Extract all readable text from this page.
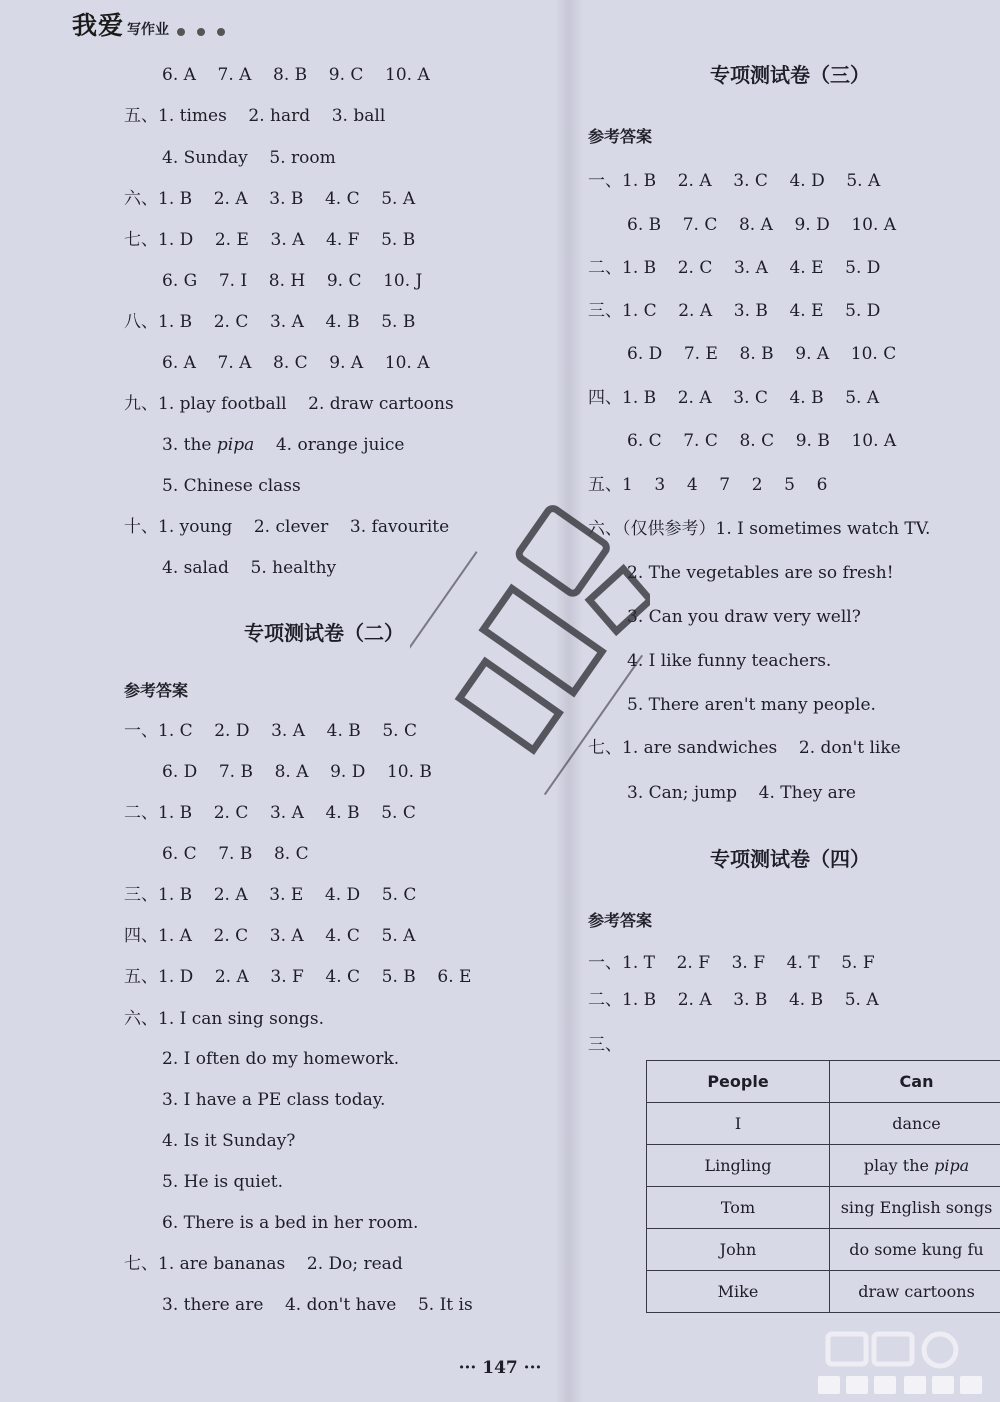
我爱 写作业
6. A    7. A    8. B    9. C    10. A
五、1. times    2. hard    3. ball
4. Sunday    5. room
六、1. B    2. A    3. B    4. C    5. A
七、1. D    2. E    3. A    4. F    5. B
6. G    7. I    8. H    9. C    10. J
八、1. B    2. C    3. A    4. B    5. B
6. A    7. A    8. C    9. A    10. A
九、1. play football    2. draw cartoons
3. the pipa    4. orange juice
5. Chinese class
十、1. young    2. clever    3. favourite
4. salad    5. healthy
专项测试卷（二）
参考答案
一、1. C    2. D    3. A    4. B    5. C
6. D    7. B    8. A    9. D    10. B
二、1. B    2. C    3. A    4. B    5. C
6. C    7. B    8. C
三、1. B    2. A    3. E    4. D    5. C
四、1. A    2. C    3. A    4. C    5. A
五、1. D    2. A    3. F    4. C    5. B    6. E
六、1. I can sing songs.
2. I often do my homework.
3. I have a PE class today.
4. Is it Sunday?
5. He is quiet.
6. There is a bed in her room.
七、1. are bananas    2. Do; read
3. there are    4. don't have    5. It is
专项测试卷（三）
参考答案
一、1. B    2. A    3. C    4. D    5. A
6. B    7. C    8. A    9. D    10. A
二、1. B    2. C    3. A    4. E    5. D
三、1. C    2. A    3. B    4. E    5. D
6. D    7. E    8. B    9. A    10. C
四、1. B    2. A    3. C    4. B    5. A
6. C    7. C    8. C    9. B    10. A
五、1    3    4    7    2    5    6
六、（仅供参考）1. I sometimes watch TV.
2. The vegetables are so fresh!
3. Can you draw very well?
4. I like funny teachers.
5. There aren't many people.
七、1. are sandwiches    2. don't like
3. Can; jump    4. They are
专项测试卷（四）
参考答案
一、1. T    2. F    3. F    4. T    5. F
二、1. B    2. A    3. B    4. B    5. A
三、
People	Can
I	dance
Lingling	play the pipa
Tom	sing English songs
John	do some kung fu
Mike	draw cartoons
··· 147 ···
